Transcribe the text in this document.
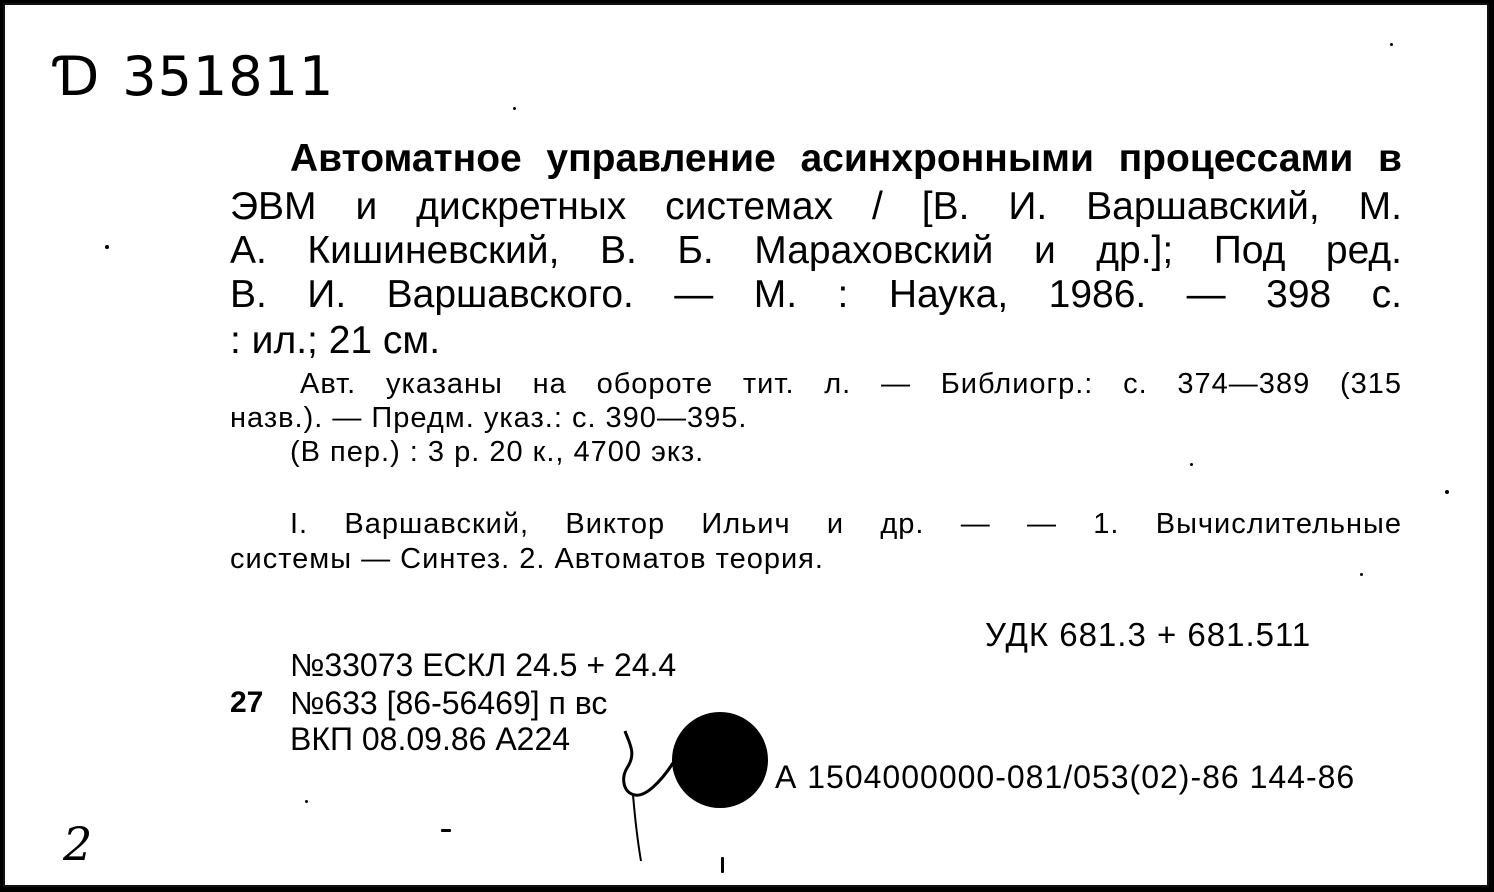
Ɗ 351811
Автоматное управление асинхронными процессами в
ЭВМ и дискретных системах / [В. И. Варшавский, М.
А. Кишиневский, В. Б. Мараховский и др.]; Под ред.
В. И. Варшавского. — М. : Наука, 1986. — 398 с.
: ил.; 21 см.
Авт. указаны на обороте тит. л. — Библиогр.: с. 374—389 (315
назв.). — Предм. указ.: с. 390—395.
(В пер.) : 3 р. 20 к., 4700 экз.
I. Варшавский, Виктор Ильич и др. — — 1. Вычислительные
системы — Синтез. 2. Автоматов теория.
УДК 681.3 + 681.511
№33073 ЕСКЛ 24.5 + 24.4
27 №633 [86-56469] п вс
ВКП 08.09.86 А224
А 1504000000-081/053(02)-86 144-86
2
